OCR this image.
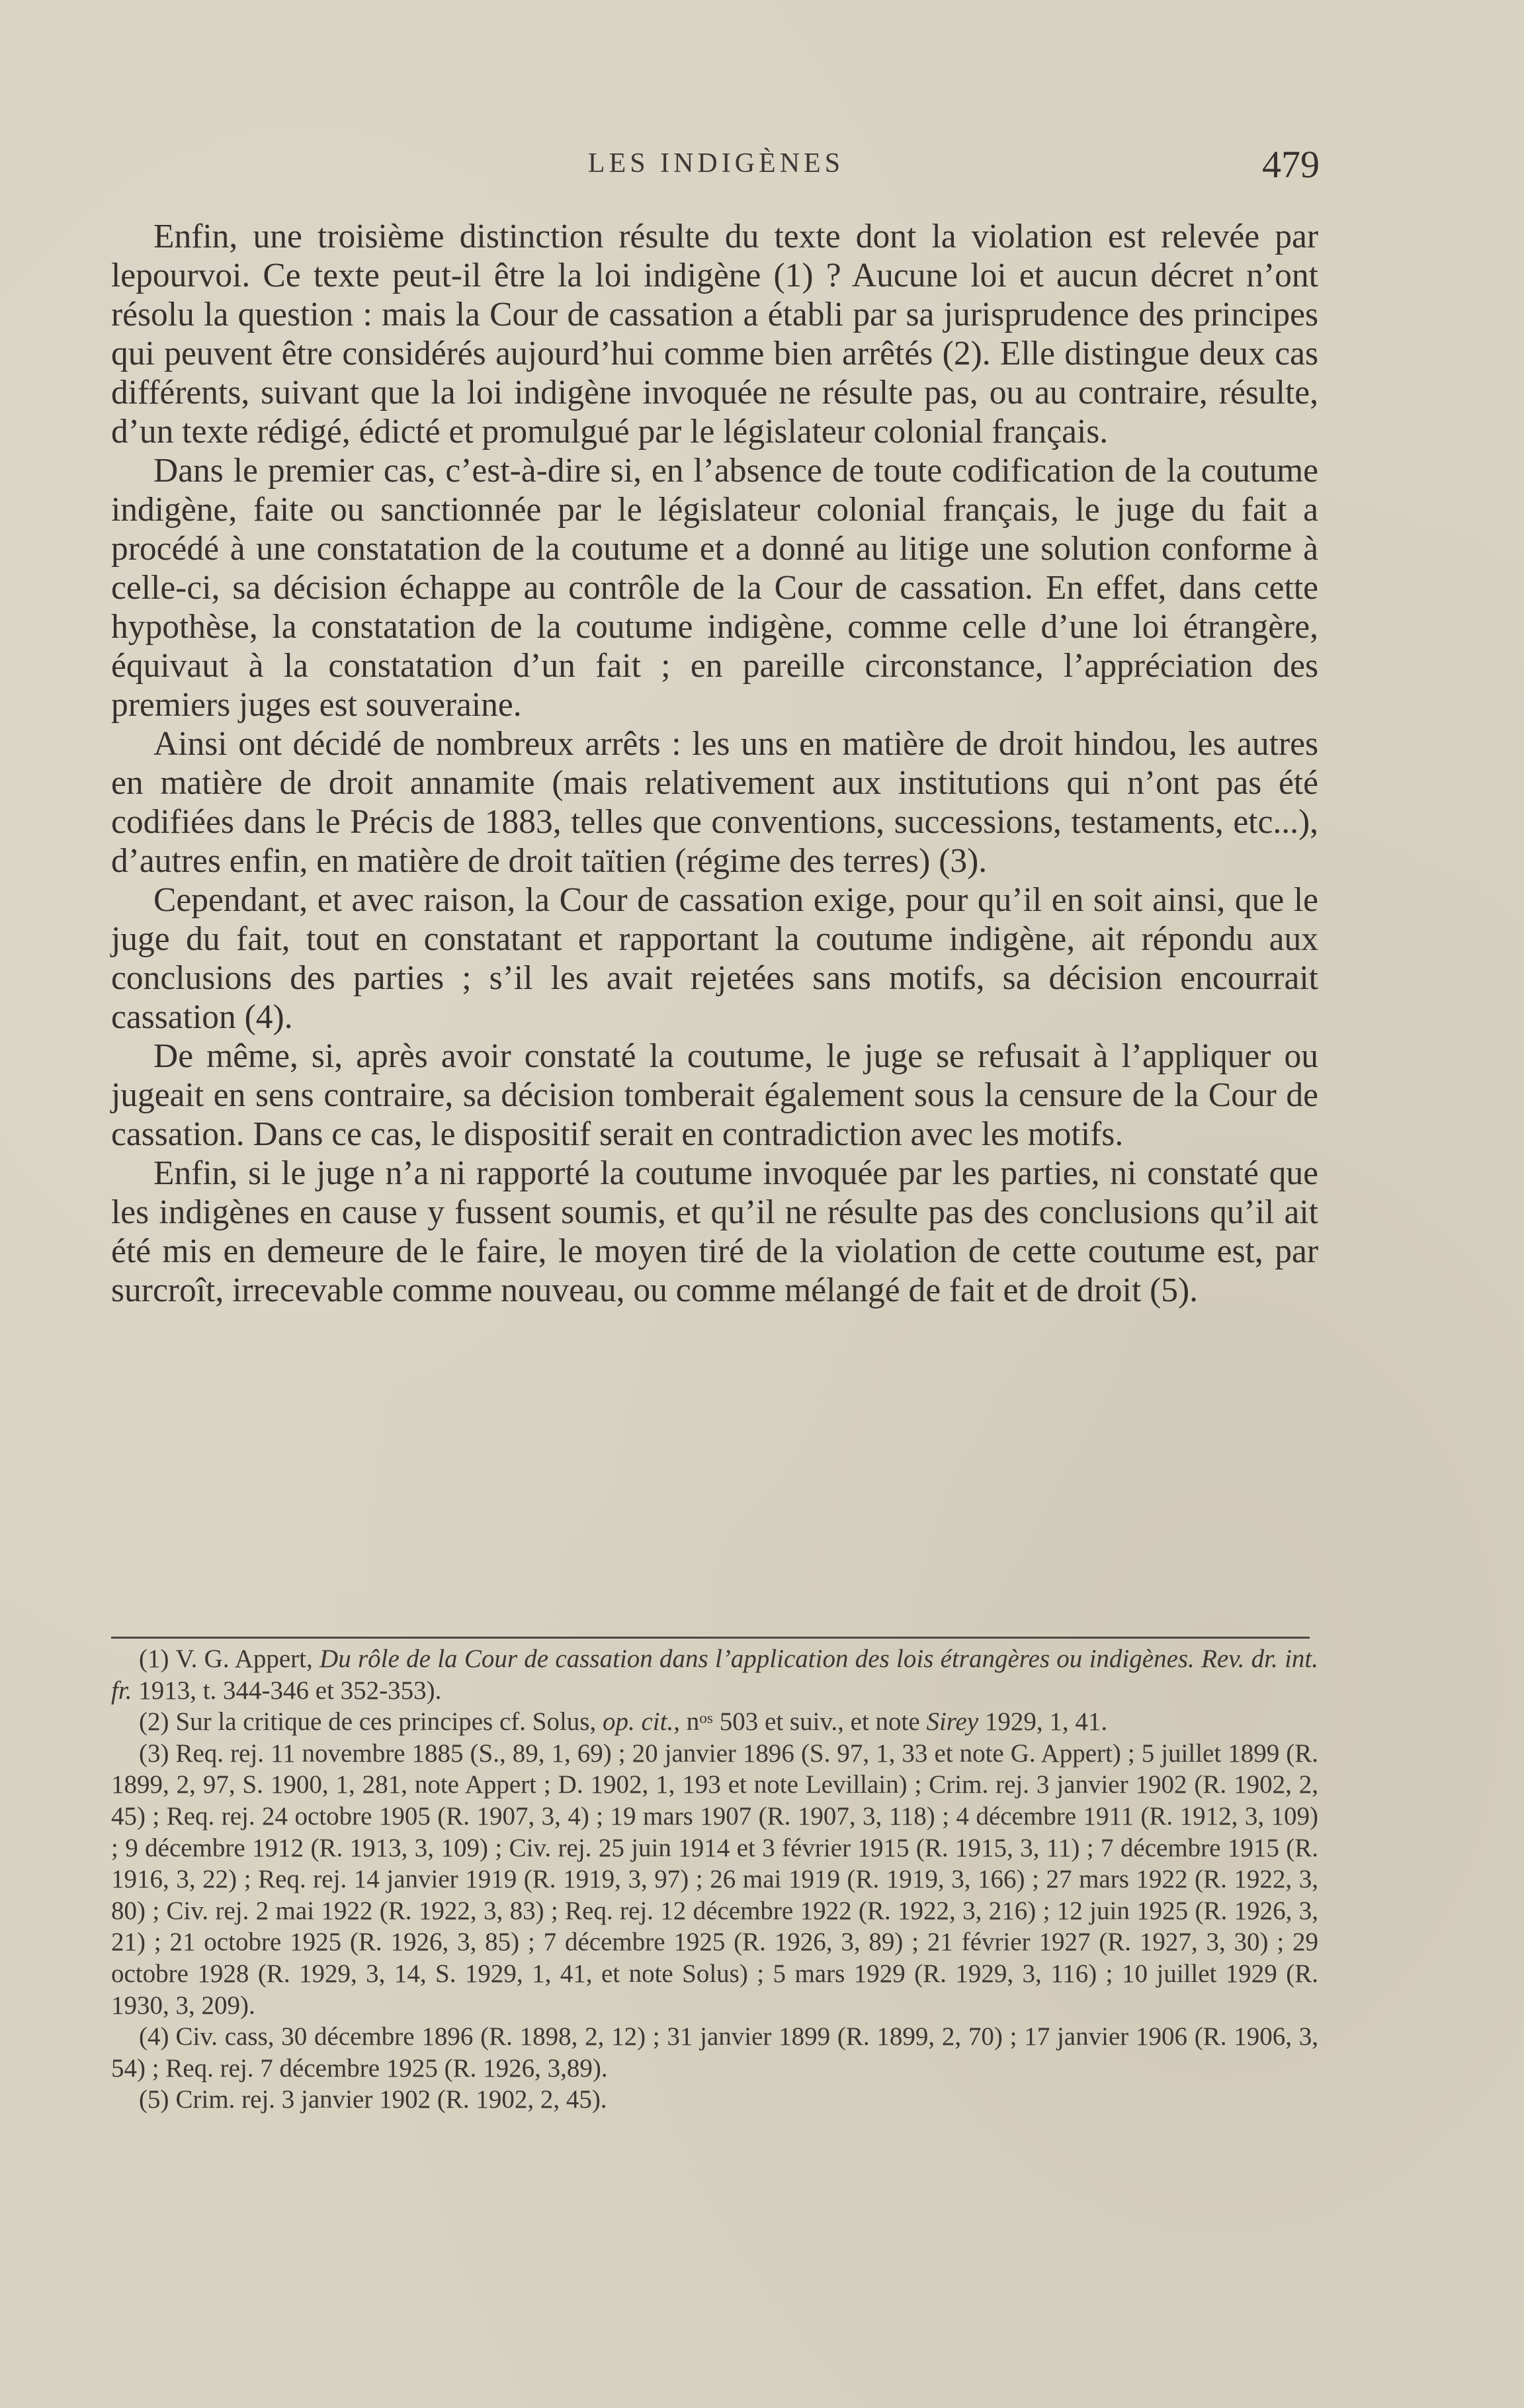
LES INDIGÈNES	479

Enfin, une troisième distinction résulte du texte dont la violation est relevée par lepourvoi. Ce texte peut-il être la loi indigène (1) ? Aucune loi et aucun décret n’ont résolu la question : mais la Cour de cassation a établi par sa jurisprudence des principes qui peuvent être considérés aujourd’hui comme bien arrêtés (2). Elle distingue deux cas différents, suivant que la loi indigène invoquée ne résulte pas, ou au contraire, résulte, d’un texte rédigé, édicté et promulgué par le législateur colonial français.

Dans le premier cas, c’est-à-dire si, en l’absence de toute codification de la coutume indigène, faite ou sanctionnée par le législateur colonial français, le juge du fait a procédé à une constatation de la coutume et a donné au litige une solution conforme à celle-ci, sa décision échappe au contrôle de la Cour de cassation. En effet, dans cette hypothèse, la constatation de la coutume indigène, comme celle d’une loi étrangère, équivaut à la constatation d’un fait ; en pareille circonstance, l’appréciation des premiers juges est souveraine.

Ainsi ont décidé de nombreux arrêts : les uns en matière de droit hindou, les autres en matière de droit annamite (mais relativement aux institutions qui n’ont pas été codifiées dans le Précis de 1883, telles que conventions, successions, testaments, etc...), d’autres enfin, en matière de droit taïtien (régime des terres) (3).

Cependant, et avec raison, la Cour de cassation exige, pour qu’il en soit ainsi, que le juge du fait, tout en constatant et rapportant la coutume indigène, ait répondu aux conclusions des parties ; s’il les avait rejetées sans motifs, sa décision encourrait cassation (4).

De même, si, après avoir constaté la coutume, le juge se refusait à l’appliquer ou jugeait en sens contraire, sa décision tomberait également sous la censure de la Cour de cassation. Dans ce cas, le dispositif serait en contradiction avec les motifs.

Enfin, si le juge n’a ni rapporté la coutume invoquée par les parties, ni constaté que les indigènes en cause y fussent soumis, et qu’il ne résulte pas des conclusions qu’il ait été mis en demeure de le faire, le moyen tiré de la violation de cette coutume est, par surcroît, irrecevable comme nouveau, ou comme mélangé de fait et de droit (5).

(1) V. G. Appert, Du rôle de la Cour de cassation dans l’application des lois étrangères ou indigènes. Rev. dr. int. fr. 1913, t. 344-346 et 352-353).

(2) Sur la critique de ces principes cf. Solus, op. cit., $n^{os}$ 503 et suiv., et note Sirey 1929, 1, 41.

(3) Req. rej. 11 novembre 1885 (S., 89, 1, 69) ; 20 janvier 1896 (S. 97, 1, 33 et note G. Appert) ; 5 juillet 1899 (R. 1899, 2, 97, S. 1900, 1, 281, note Appert ; D. 1902, 1, 193 et note Levillain) ; Crim. rej. 3 janvier 1902 (R. 1902, 2, 45) ; Req. rej. 24 octobre 1905 (R. 1907, 3, 4) ; 19 mars 1907 (R. 1907, 3, 118) ; 4 décembre 1911 (R. 1912, 3, 109) ; 9 décembre 1912 (R. 1913, 3, 109) ; Civ. rej. 25 juin 1914 et 3 février 1915 (R. 1915, 3, 11) ; 7 décembre 1915 (R. 1916, 3, 22) ; Req. rej. 14 janvier 1919 (R. 1919, 3, 97) ; 26 mai 1919 (R. 1919, 3, 166) ; 27 mars 1922 (R. 1922, 3, 80) ; Civ. rej. 2 mai 1922 (R. 1922, 3, 83) ; Req. rej. 12 décembre 1922 (R. 1922, 3, 216) ; 12 juin 1925 (R. 1926, 3, 21) ; 21 octobre 1925 (R. 1926, 3, 85) ; 7 décembre 1925 (R. 1926, 3, 89) ; 21 février 1927 (R. 1927, 3, 30) ; 29 octobre 1928 (R. 1929, 3, 14, S. 1929, 1, 41, et note Solus) ; 5 mars 1929 (R. 1929, 3, 116) ; 10 juillet 1929 (R. 1930, 3, 209).

(4) Civ. cass, 30 décembre 1896 (R. 1898, 2, 12) ; 31 janvier 1899 (R. 1899, 2, 70) ; 17 janvier 1906 (R. 1906, 3, 54) ; Req. rej. 7 décembre 1925 (R. 1926, 3,89).

(5) Crim. rej. 3 janvier 1902 (R. 1902, 2, 45).
